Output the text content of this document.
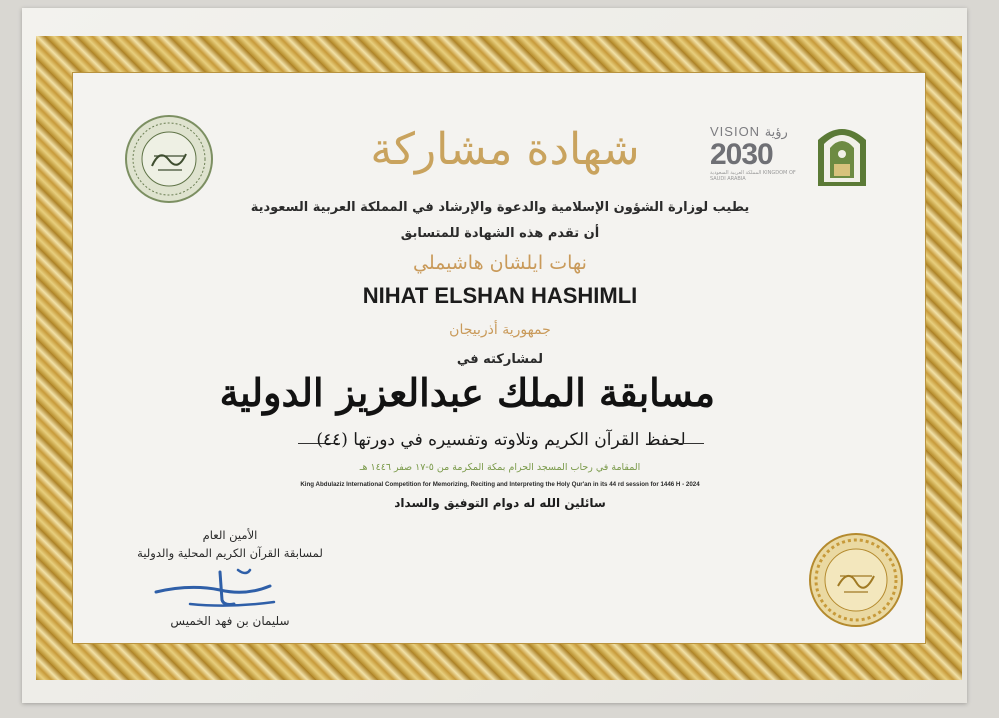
VISION رؤية
2030
المملكة العربية السعودية KINGDOM OF SAUDI ARABIA
شهادة مشاركة
يطيب لوزارة الشؤون الإسلامية والدعوة والإرشاد في المملكة العربية السعودية
أن تقدم هذه الشهادة للمتسابق
نهات ايلشان هاشيملي
NIHAT ELSHAN HASHIMLI
جمهورية أذربيجان
لمشاركته في
مسابقة الملك عبدالعزيز الدولية
لحفظ القرآن الكريم وتلاوته وتفسيره في دورتها (٤٤)
المقامة في رحاب المسجد الحرام بمكة المكرمة من ٥-١٧ صفر ١٤٤٦ هـ
King Abdulaziz International Competition for Memorizing, Reciting and Interpreting the Holy Qur'an in its 44 rd session for 1446 H - 2024
سائلين الله له دوام التوفيق والسداد
الأمين العام
لمسابقة القرآن الكريم المحلية والدولية
سليمان بن فهد الخميس
